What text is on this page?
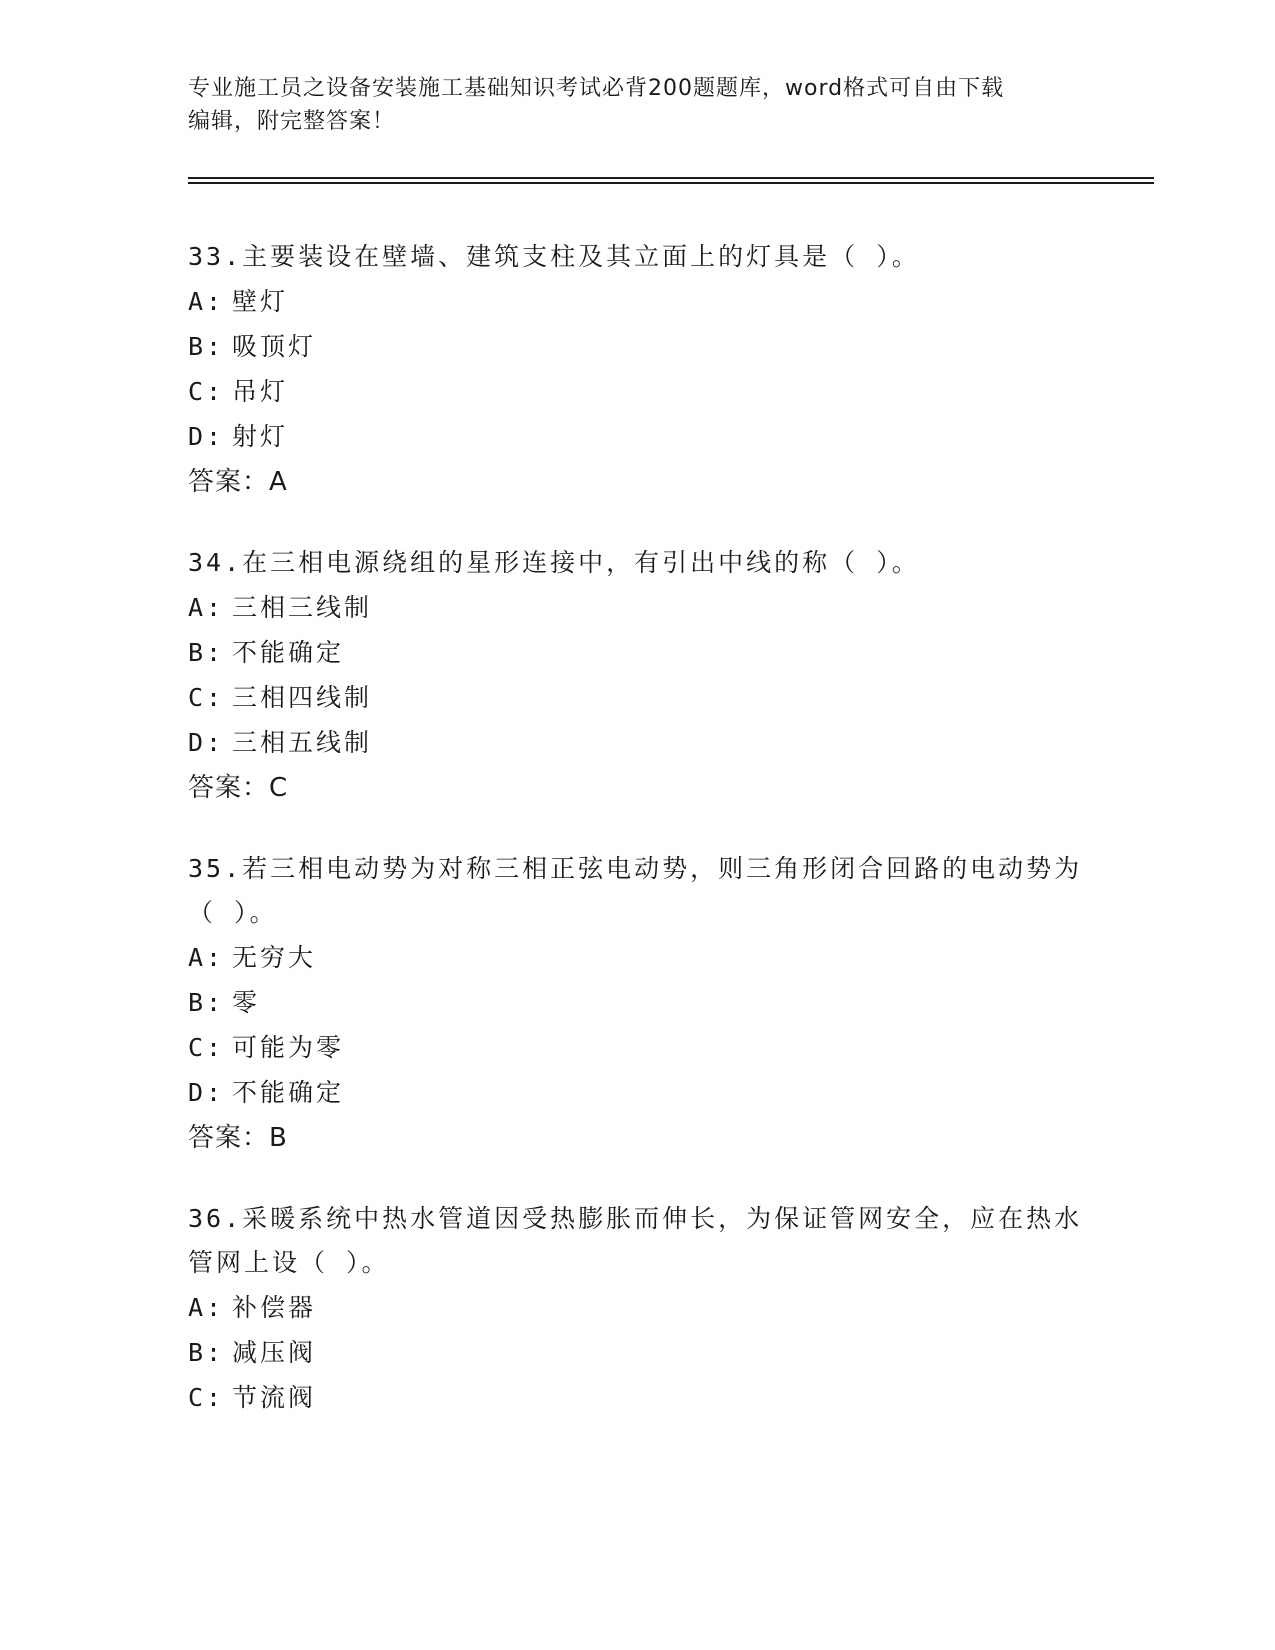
专业施工员之设备安装施工基础知识考试必背200题题库，word格式可自由下载
编辑，附完整答案！

33.主要装设在壁墙、建筑支柱及其立面上的灯具是（ ）。

A: 壁灯
B: 吸顶灯
C: 吊灯
D: 射灯
答案：A

34.在三相电源绕组的星形连接中，有引出中线的称（ ）。

A: 三相三线制
B: 不能确定
C: 三相四线制
D: 三相五线制
答案：C

35.若三相电动势为对称三相正弦电动势，则三角形闭合回路的电动势为（ ）。

A: 无穷大
B: 零
C: 可能为零
D: 不能确定
答案：B

36.采暖系统中热水管道因受热膨胀而伸长，为保证管网安全，应在热水管网上设（ ）。

A: 补偿器
B: 减压阀
C: 节流阀
